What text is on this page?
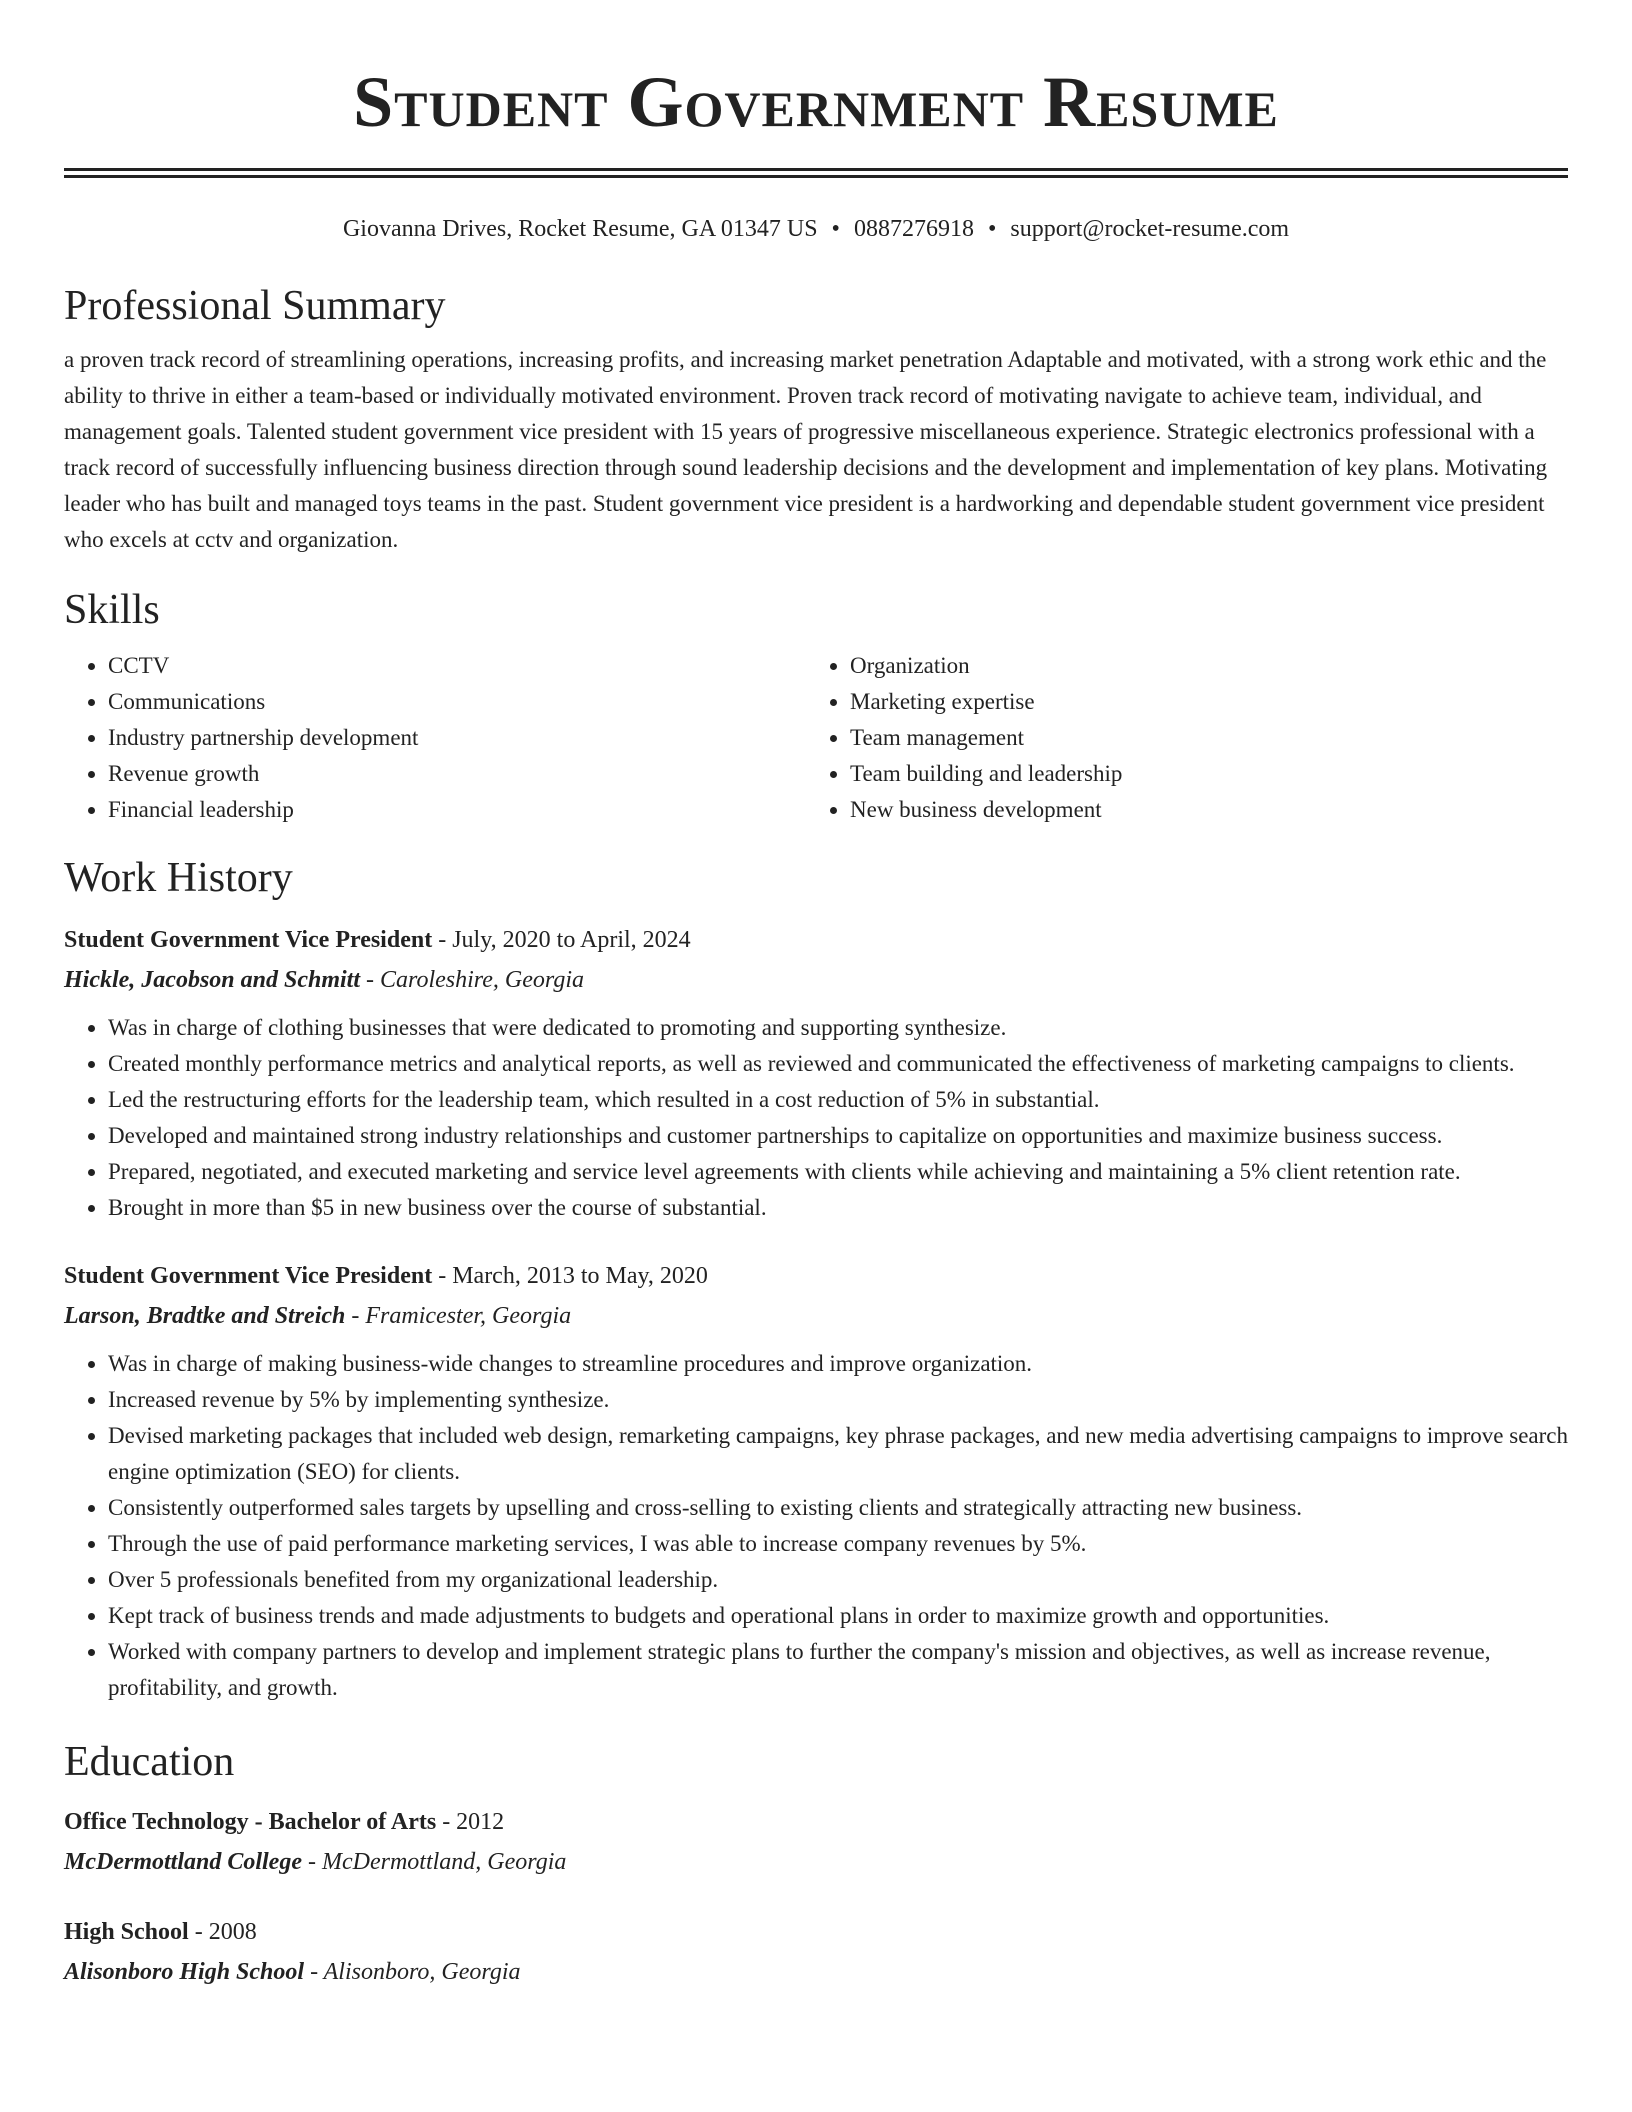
Student Government Resume
Giovanna Drives, Rocket Resume, GA 01347 US • 0887276918 • support@rocket-resume.com
Professional Summary

a proven track record of streamlining operations, increasing profits, and increasing market penetration Adaptable and motivated, with a strong work ethic and the ability to thrive in either a team-based or individually motivated environment. Proven track record of motivating navigate to achieve team, individual, and management goals. Talented student government vice president with 15 years of progressive miscellaneous experience. Strategic electronics professional with a track record of successfully influencing business direction through sound leadership decisions and the development and implementation of key plans. Motivating leader who has built and managed toys teams in the past. Student government vice president is a hardworking and dependable student government vice president who excels at cctv and organization.

Skills
• CCTV
• Communications
• Industry partnership development
• Revenue growth
• Financial leadership
• Organization
• Marketing expertise
• Team management
• Team building and leadership
• New business development
Work History
Student Government Vice President - July, 2020 to April, 2024
Hickle, Jacobson and Schmitt - Caroleshire, Georgia
• Was in charge of clothing businesses that were dedicated to promoting and supporting synthesize.
• Created monthly performance metrics and analytical reports, as well as reviewed and communicated the effectiveness of marketing campaigns to clients.
• Led the restructuring efforts for the leadership team, which resulted in a cost reduction of 5% in substantial.
• Developed and maintained strong industry relationships and customer partnerships to capitalize on opportunities and maximize business success.
• Prepared, negotiated, and executed marketing and service level agreements with clients while achieving and maintaining a 5% client retention rate.
• Brought in more than $5 in new business over the course of substantial.
Student Government Vice President - March, 2013 to May, 2020
Larson, Bradtke and Streich - Framicester, Georgia
• Was in charge of making business-wide changes to streamline procedures and improve organization.
• Increased revenue by 5% by implementing synthesize.
• Devised marketing packages that included web design, remarketing campaigns, key phrase packages, and new media advertising campaigns to improve search engine optimization (SEO) for clients.
• Consistently outperformed sales targets by upselling and cross-selling to existing clients and strategically attracting new business.
• Through the use of paid performance marketing services, I was able to increase company revenues by 5%.
• Over 5 professionals benefited from my organizational leadership.
• Kept track of business trends and made adjustments to budgets and operational plans in order to maximize growth and opportunities.
• Worked with company partners to develop and implement strategic plans to further the company's mission and objectives, as well as increase revenue, profitability, and growth.
Education
Office Technology - Bachelor of Arts - 2012
McDermottland College - McDermottland, Georgia
High School - 2008
Alisonboro High School - Alisonboro, Georgia
